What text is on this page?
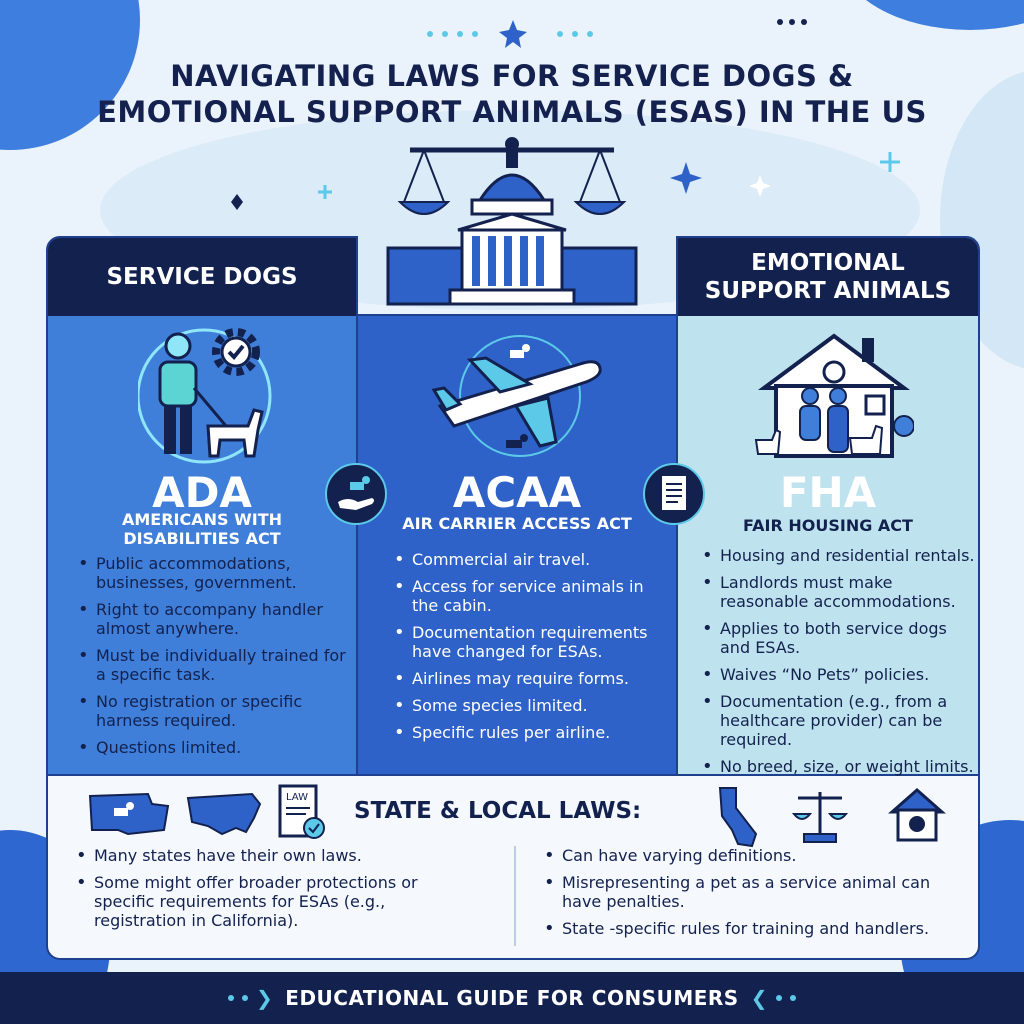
NAVIGATING LAWS FOR SERVICE DOGS &
EMOTIONAL SUPPORT ANIMALS (ESAS) IN THE US
SERVICE DOGS
ADA
AMERICANS WITH
DISABILITIES ACT
• Public accommodations, businesses, government.
• Right to accompany handler almost anywhere.
• Must be individually trained for a specific task.
• No registration or specific harness required.
• Questions limited.
ACAA
AIR CARRIER ACCESS ACT
• Commercial air travel.
• Access for service animals in the cabin.
• Documentation requirements have changed for ESAs.
• Airlines may require forms.
• Some species limited.
• Specific rules per airline.
EMOTIONAL
SUPPORT ANIMALS
FHA
FAIR HOUSING ACT
• Housing and residential rentals.
• Landlords must make reasonable accommodations.
• Applies to both service dogs and ESAs.
• Waives “No Pets” policies.
• Documentation (e.g., from a healthcare provider) can be required.
• No breed, size, or weight limits.
LAW
STATE & LOCAL LAWS:
• Many states have their own laws.
• Some might offer broader protections or specific requirements for ESAs (e.g., registration in California).
• Can have varying definitions.
• Misrepresenting a pet as a service animal can have penalties.
• State -specific rules for training and handlers.
❯ EDUCATIONAL GUIDE FOR CONSUMERS ❮
